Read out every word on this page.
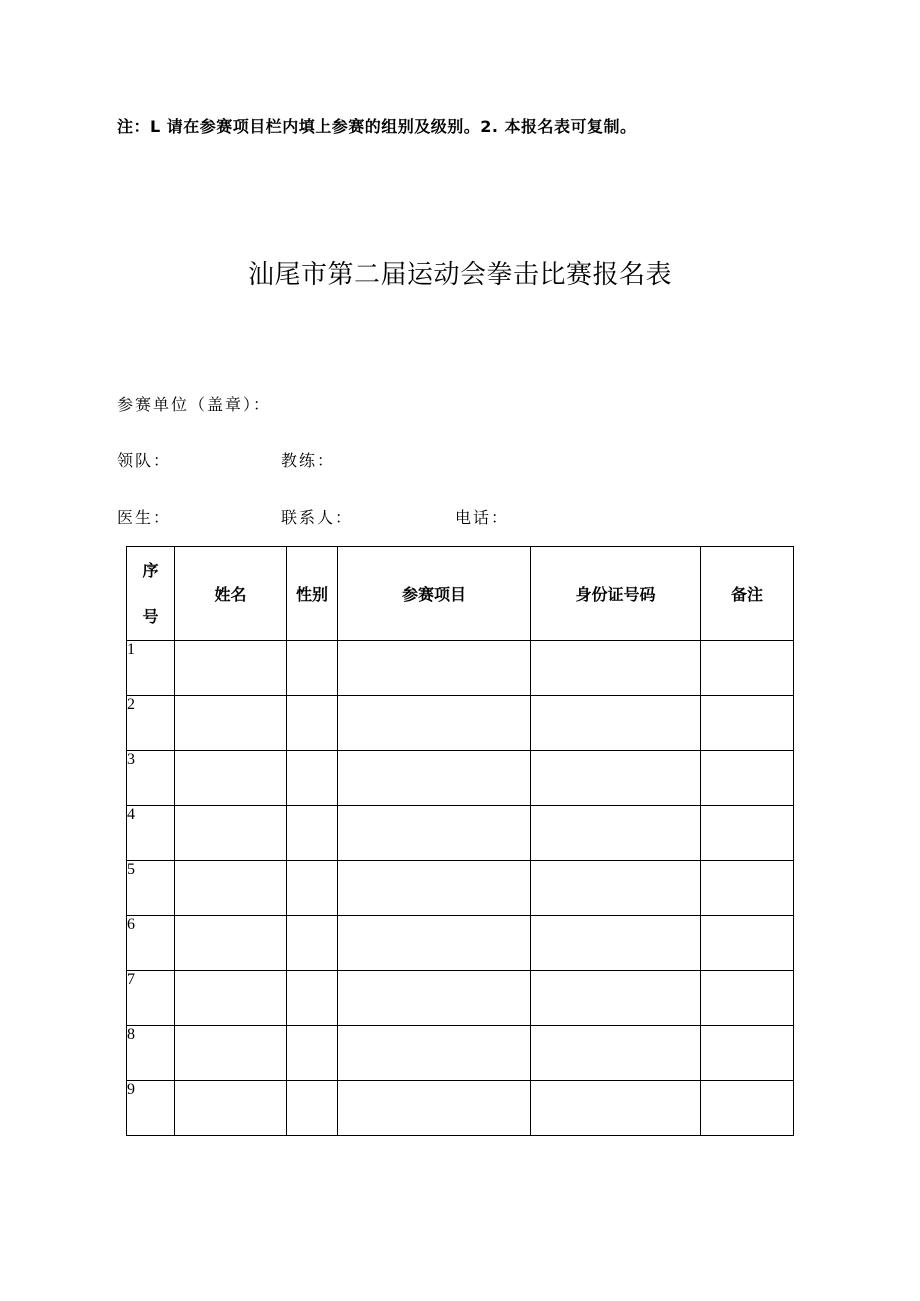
注：L 请在参赛项目栏内填上参赛的组别及级别。2. 本报名表可复制。
汕尾市第二届运动会拳击比赛报名表
参赛单位（盖章）：
领队：	教练：
医生：	联系人：	电话：
序
号	姓名	性别	参赛项目	身份证号码	备注
1					
2					
3					
4					
5					
6					
7					
8					
9					
